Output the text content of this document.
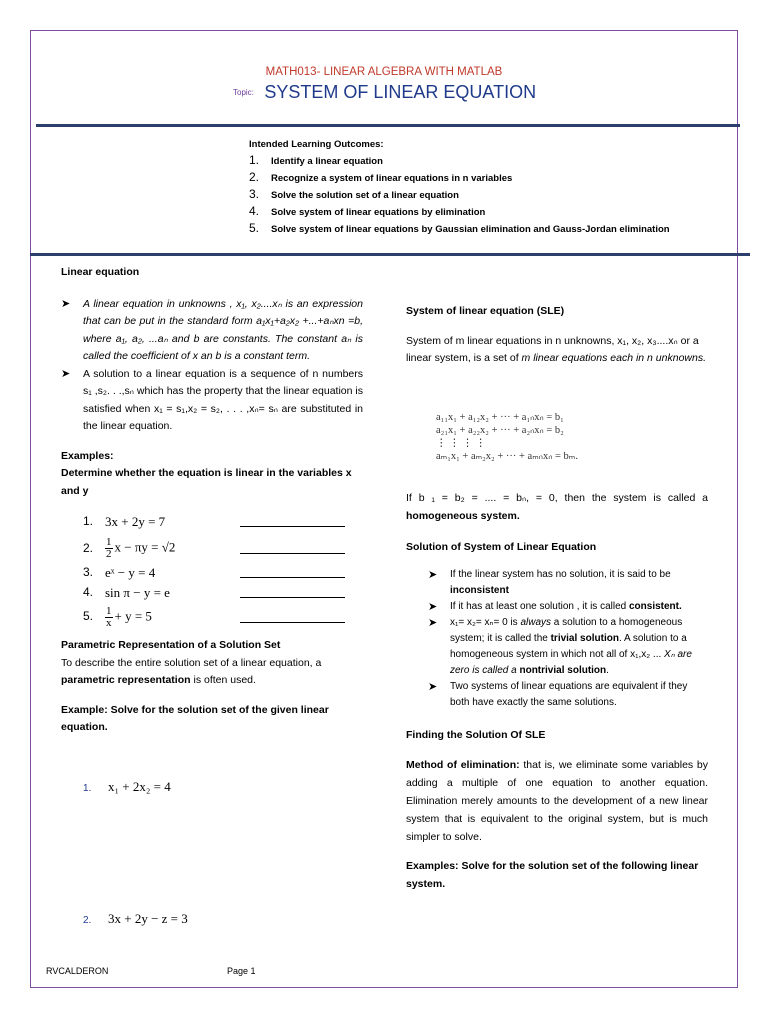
MATH013- LINEAR ALGEBRA WITH MATLAB
Topic: SYSTEM OF LINEAR EQUATION
Intended Learning Outcomes:
1.	Identify a linear equation
2.	Recognize a system of linear equations in n variables
3.	Solve the solution set of a linear equation
4.	Solve system of linear equations by elimination
5.	Solve system of linear equations by Gaussian elimination and Gauss-Jordan elimination
Linear equation
➤	A linear equation in unknowns , x₁, x₂....xₙ is an expression that can be put in the standard form a₁x₁+a₂x₂ +...+aₙxn =b, where a₁, a₂, ...aₙ and b are constants. The constant aₙ is called the coefficient of x an b is a constant term.
➤	A solution to a linear equation is a sequence of n numbers s₁ ,s₂. . .,sₙ which has the property that the linear equation is satisfied when x₁ = s₁,x₂ = s₂, . . . ,xₙ= sₙ are substituted in the linear equation.
Examples:
Determine whether the equation is linear in the variables x and y
1. 3x + 2y = 7
2.	$\frac{1}{2}$ x − πy = √2
3. eˣ − y = 4
4. sin π − y = e
5.	$\frac{1}{x} + y = 5$
Parametric Representation of a Solution Set
To describe the entire solution set of a linear equation, a parametric representation is often used.
Example: Solve for the solution set of the given linear equation.
1. x₁ + 2x₂ = 4
2. 3x + 2y − z = 3
System of linear equation (SLE)
System of m linear equations in n unknowns, x₁, x₂, x₃....xₙ or a linear system, is a set of m linear equations each in n unknowns.
a₁₁x₁ + a₁₂x₂ + ··· + a₁ₙxₙ = b₁
a₂₁x₁ + a₂₂x₂ + ··· + a₂ₙxₙ = b₂
⋮ ⋮ ⋮ ⋮
aₘ₁x₁ + aₘ₂x₂ + ··· + aₘₙxₙ = bₘ.
If b ₁ = b₂ = .... = bₙ, = 0, then the system is called a homogeneous system.
Solution of System of Linear Equation
➤	If the linear system has no solution, it is said to be inconsistent
➤	If it has at least one solution , it is called consistent.
➤	x₁= x₂= xₙ= 0 is always a solution to a homogeneous system; it is called the trivial solution. A solution to a homogeneous system in which not all of x₁,x₂ ... Xₙ are zero is called a nontrivial solution.
➤	Two systems of linear equations are equivalent if they both have exactly the same solutions.
Finding the Solution Of SLE
Method of elimination: that is, we eliminate some variables by adding a multiple of one equation to another equation. Elimination merely amounts to the development of a new linear system that is equivalent to the original system, but is much simpler to solve.
Examples: Solve for the solution set of the following linear system.
RVCALDERON	Page 1
